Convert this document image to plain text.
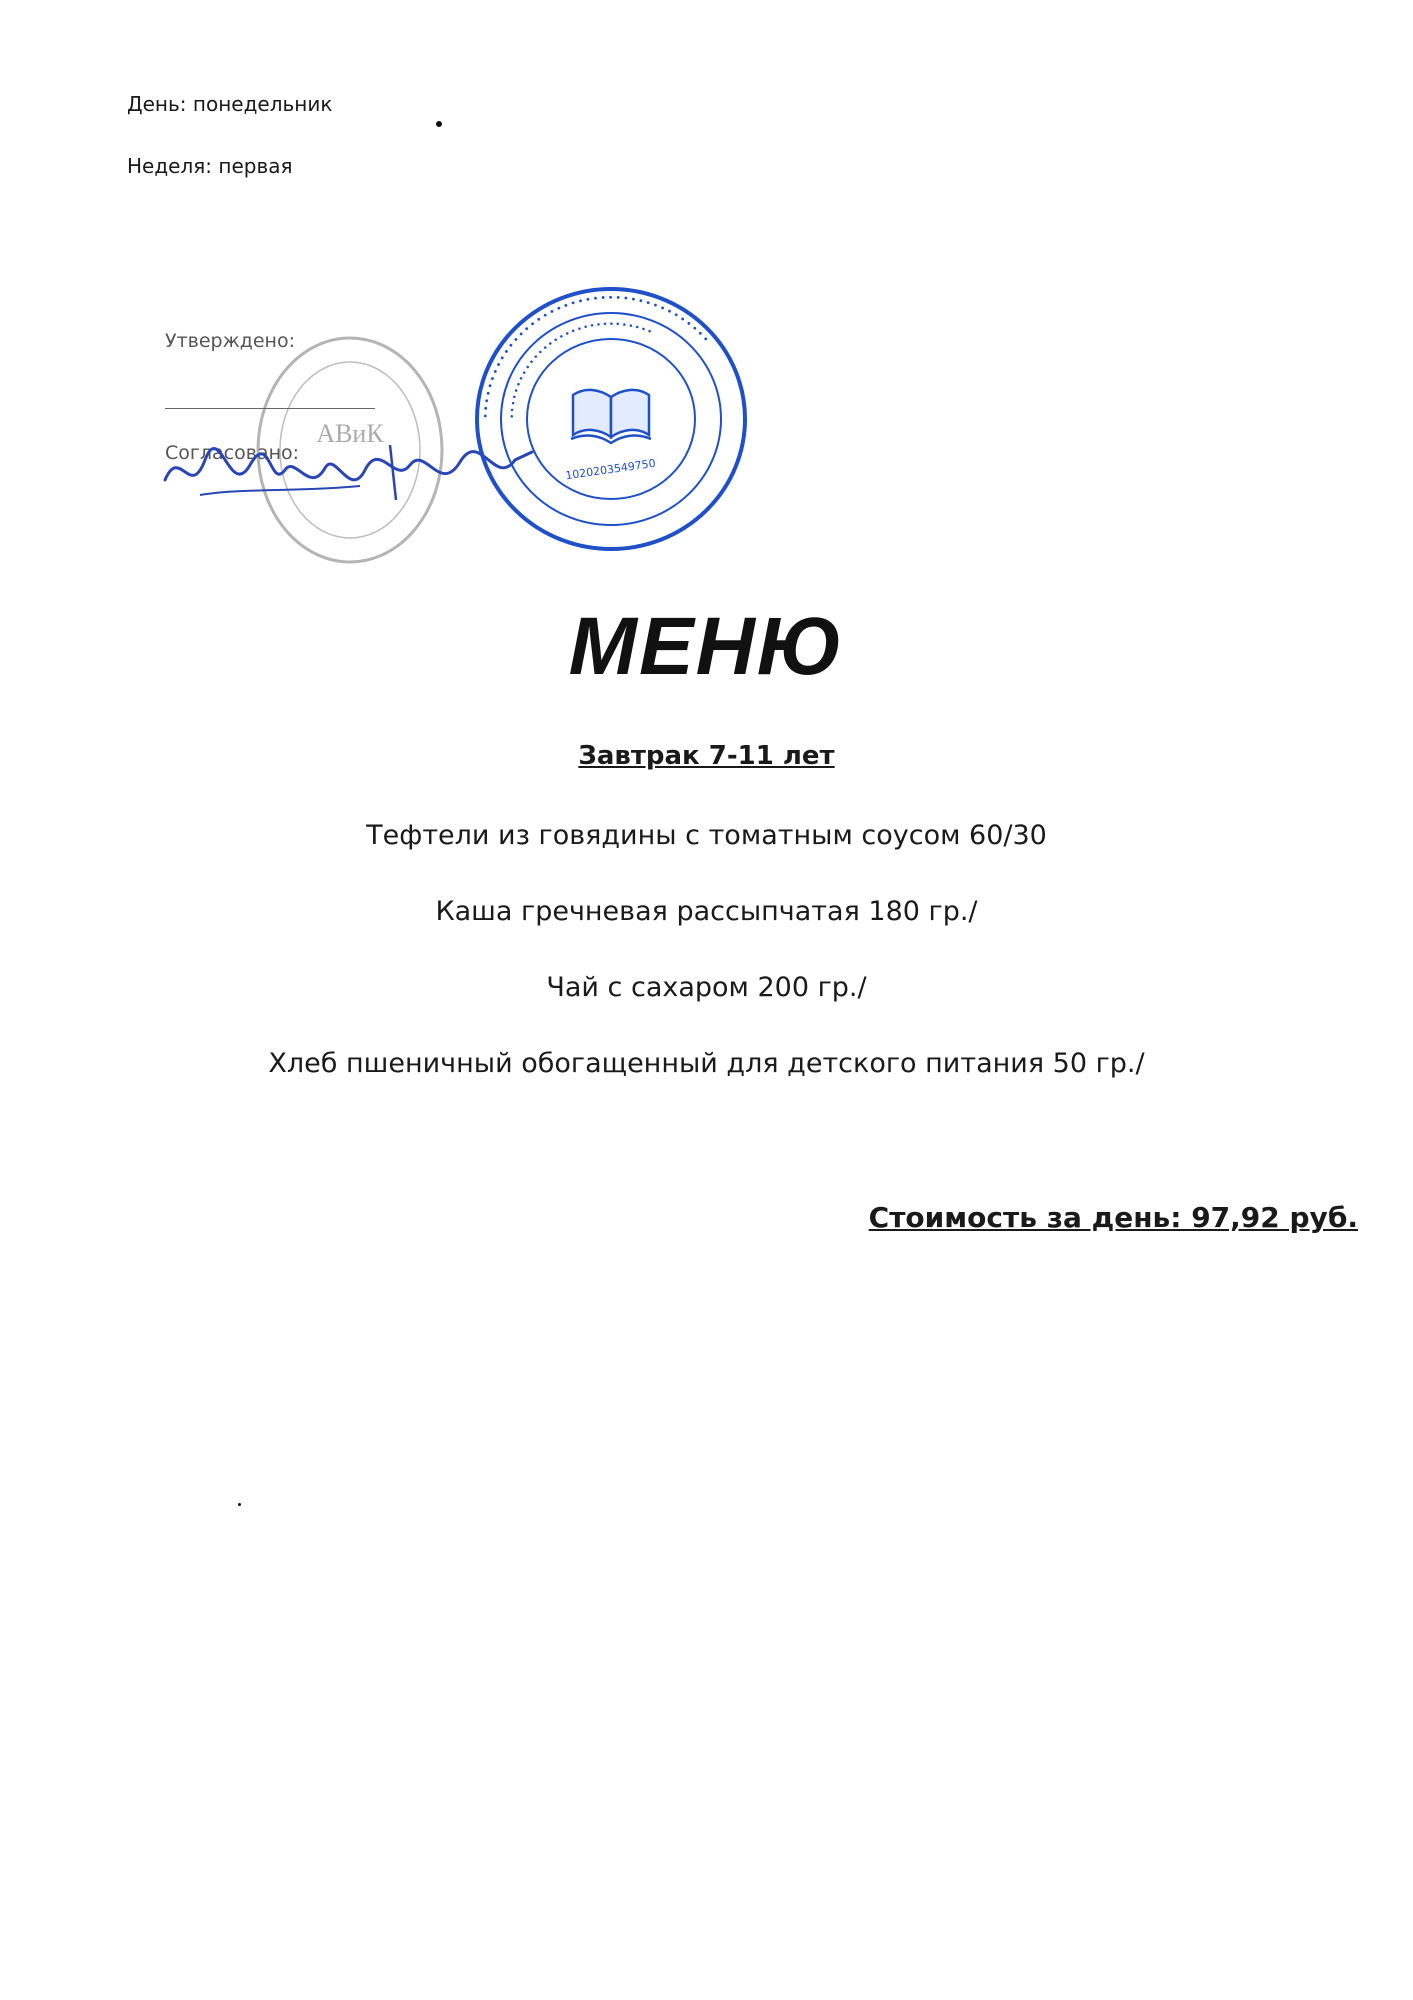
День: понедельник
Неделя: первая
АВиК
Утверждено:
Согласовано:
••••••••••••••••••••••••••••••••••••••••
••••••••••••••••••••••••••••••
1020203549750
МЕНЮ
Завтрак 7-11 лет
Тефтели из говядины с томатным соусом 60/30
Каша гречневая рассыпчатая 180 гр./
Чай с сахаром 200 гр./
Хлеб пшеничный обогащенный для детского питания 50 гр./
Стоимость за день: 97,92 руб.
